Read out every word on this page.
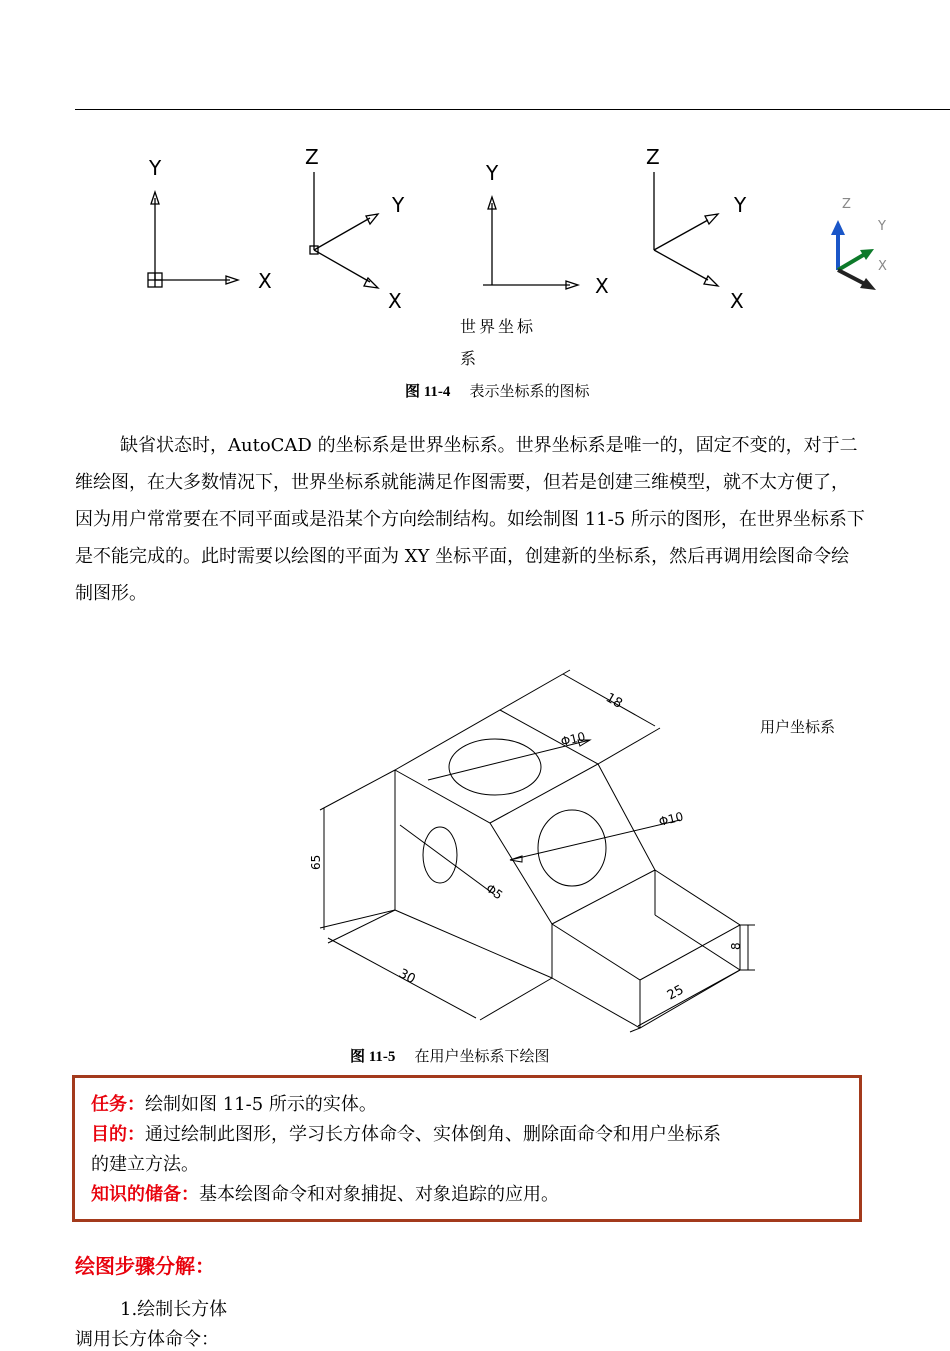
Y
X
Z
Y
X
Y
X
Z
Y
X
Z
Y
X
世界坐标
系
图 11-4 表示坐标系的图标
缺省状态时，AutoCAD 的坐标系是世界坐标系。世界坐标系是唯一的，固定不变的，对于二
维绘图，在大多数情况下，世界坐标系就能满足作图需要，但若是创建三维模型，就不太方便了，
因为用户常常要在不同平面或是沿某个方向绘制结构。如绘制图 11-5 所示的图形，在世界坐标系下
是不能完成的。此时需要以绘图的平面为 XY 坐标平面，创建新的坐标系，然后再调用绘图命令绘
制图形。
18
Φ10
Φ10
65
Φ5
30
25
8
用户坐标系
图 11-5 在用户坐标系下绘图
任务：绘制如图 11-5 所示的实体。
目的：通过绘制此图形，学习长方体命令、实体倒角、删除面命令和用户坐标系
的建立方法。
知识的储备：基本绘图命令和对象捕捉、对象追踪的应用。
绘图步骤分解：
1.绘制长方体
调用长方体命令：
